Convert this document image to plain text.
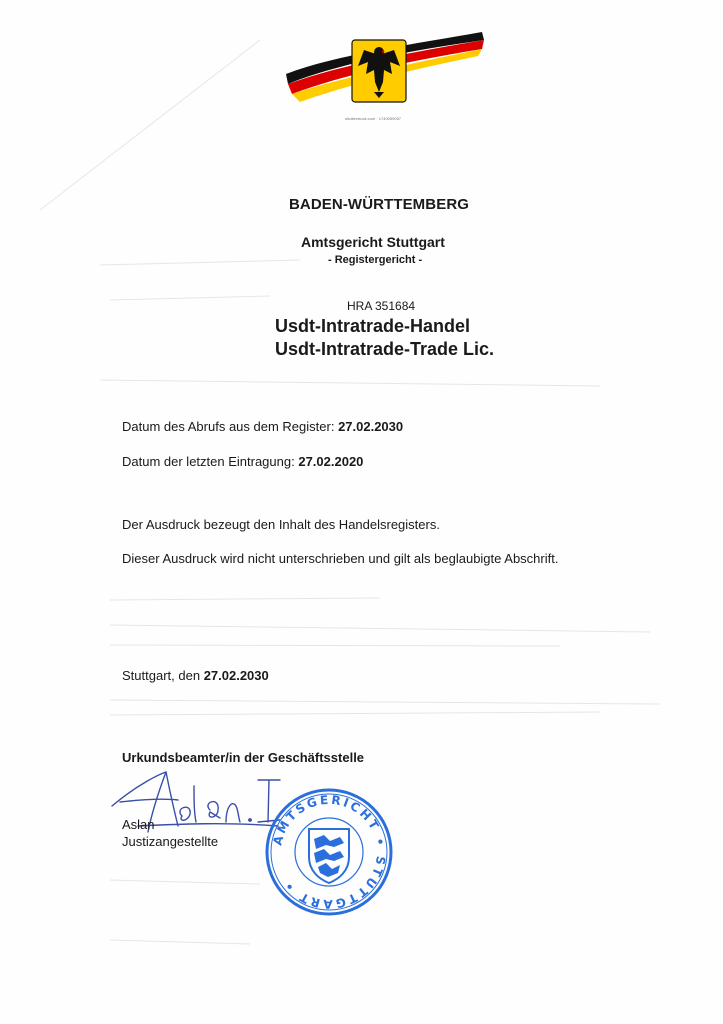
shutterstock.com · 1740059057
BADEN-WÜRTTEMBERG
Amtsgericht Stuttgart
- Registergericht -
HRA 351684
Usdt-Intratrade-Handel
Usdt-Intratrade-Trade Lic.
Datum des Abrufs aus dem Register: 27.02.2030
Datum der letzten Eintragung: 27.02.2020
Der Ausdruck bezeugt den Inhalt des Handelsregisters.
Dieser Ausdruck wird nicht unterschrieben und gilt als beglaubigte Abschrift.
Stuttgart, den 27.02.2030
Urkundsbeamter/in der Geschäftsstelle
Aslan
Justizangestellte	AMTSGERICHT • STUTTGART •
